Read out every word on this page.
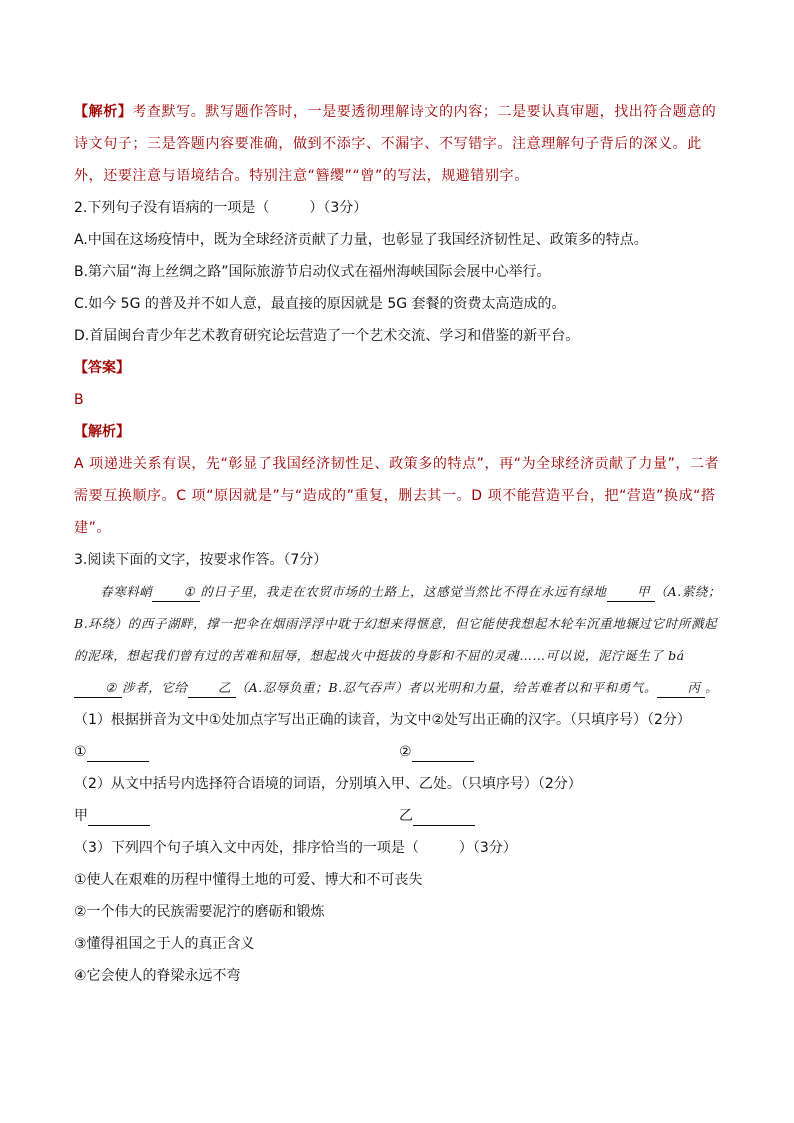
【解析】考查默写。默写题作答时，一是要透彻理解诗文的内容；二是要认真审题，找出符合题意的诗文句子；三是答题内容要准确，做到不添字、不漏字、不写错字。注意理解句子背后的深义。此外，还要注意与语境结合。特别注意“簪缨”“曾”的写法，规避错别字。

2.下列句子没有语病的一项是（	）（3分）

A.中国在这场疫情中，既为全球经济贡献了力量，也彰显了我国经济韧性足、政策多的特点。

B.第六届“海上丝绸之路”国际旅游节启动仪式在福州海峡国际会展中心举行。

C.如今 5G 的普及并不如人意，最直接的原因就是 5G 套餐的资费太高造成的。

D.首届闽台青少年艺术教育研究论坛营造了一个艺术交流、学习和借鉴的新平台。

【答案】

B

【解析】

A 项递进关系有误，先“彰显了我国经济韧性足、政策多的特点”，再“为全球经济贡献了力量”，二者需要互换顺序。C 项“原因就是”与“造成的”重复，删去其一。D 项不能营造平台，把“营造”换成“搭建”。

3.阅读下面的文字，按要求作答。（7分）

春寒料峭 ① 的日子里，我走在农贸市场的土路上，这感觉当然比不得在永远有绿地 甲 （A.萦绕；B.环绕）的西子湖畔，撑一把伞在烟雨浮浮中耽于幻想来得惬意，但它能使我想起木轮车沉重地辗过它时所溅起的泥珠，想起我们曾有过的苦难和屈辱，想起战火中挺拔的身影和不屈的灵魂……可以说，泥泞诞生了 bá② 涉者，它给 乙 （A.忍辱负重；B.忍气吞声）者以光明和力量，给苦难者以和平和勇气。 丙 。

（1）根据拼音为文中①处加点字写出正确的读音，为文中②处写出正确的汉字。（只填序号）（2分）

①	②

（2）从文中括号内选择符合语境的词语，分别填入甲、乙处。（只填序号）（2分）

甲	乙

（3）下列四个句子填入文中丙处，排序恰当的一项是（	）（3分）

①使人在艰难的历程中懂得土地的可爱、博大和不可丧失

②一个伟大的民族需要泥泞的磨砺和锻炼

③懂得祖国之于人的真正含义

④它会使人的脊梁永远不弯
